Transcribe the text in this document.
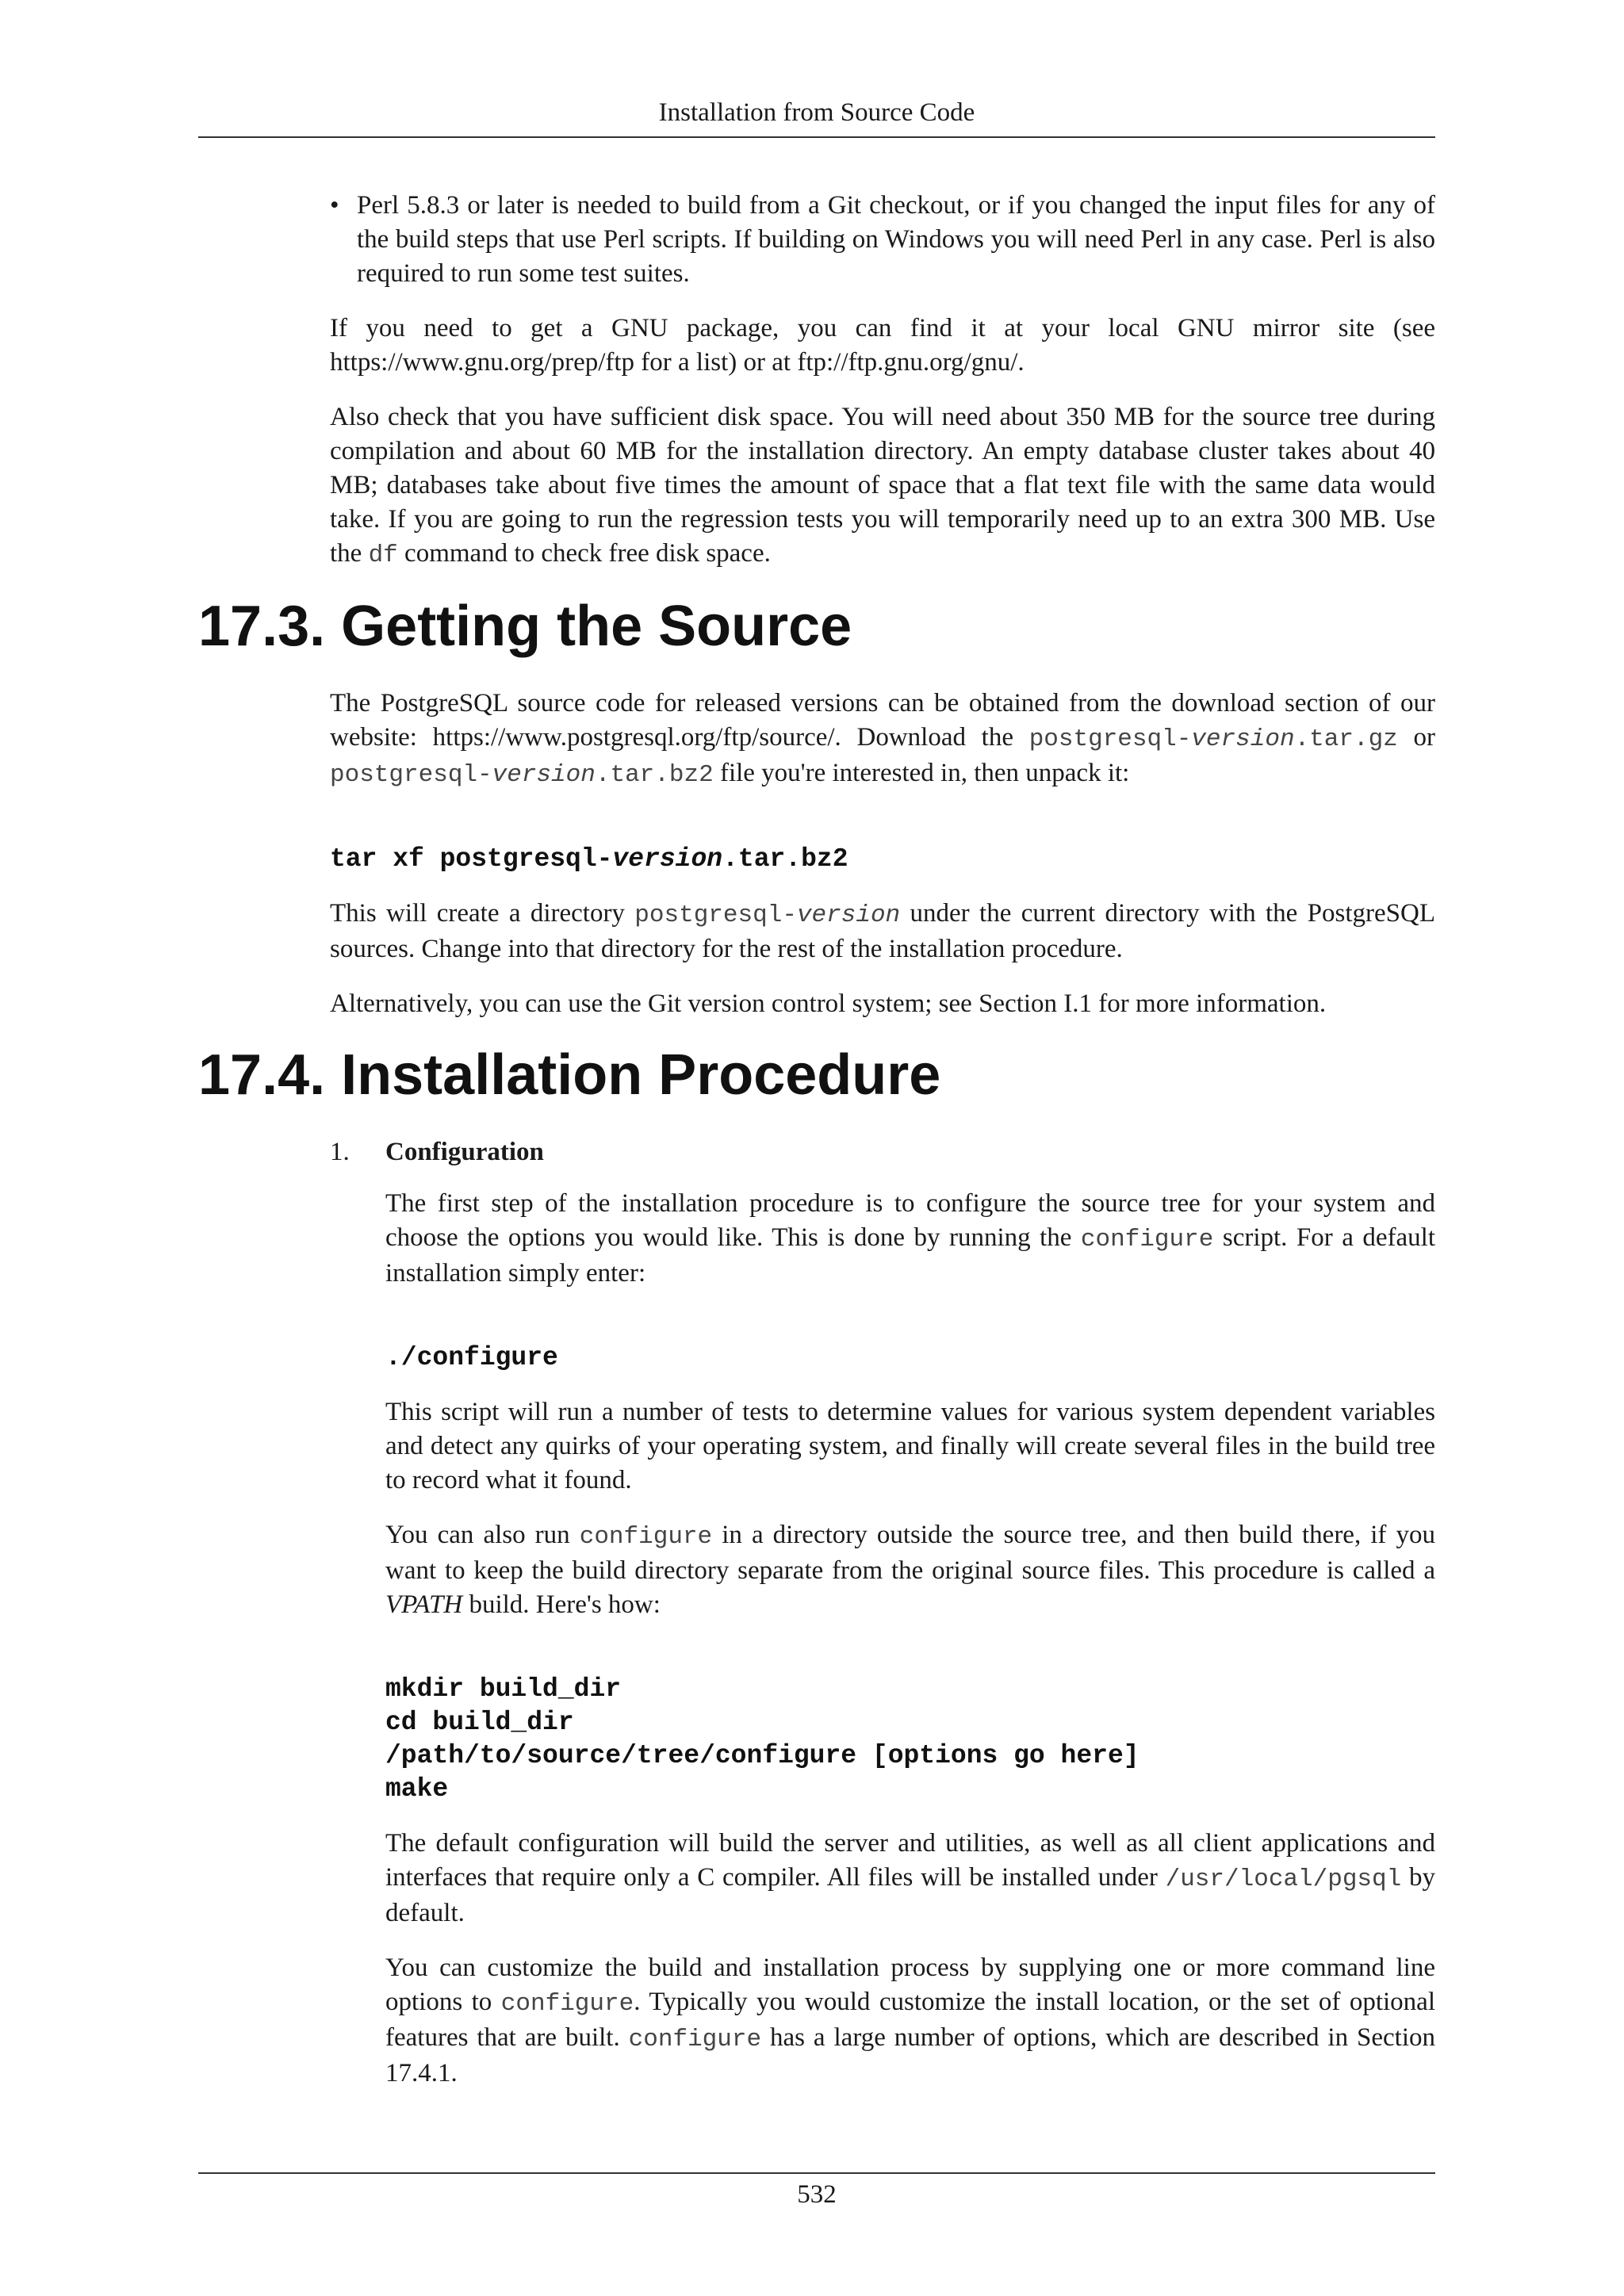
Installation from Source Code
• Perl 5.8.3 or later is needed to build from a Git checkout, or if you changed the input files for any of the build steps that use Perl scripts. If building on Windows you will need Perl in any case. Perl is also required to run some test suites.

If you need to get a GNU package, you can find it at your local GNU mirror site (see https://www.gnu.org/prep/ftp for a list) or at ftp://ftp.gnu.org/gnu/.

Also check that you have sufficient disk space. You will need about 350 MB for the source tree during compilation and about 60 MB for the installation directory. An empty database cluster takes about 40 MB; databases take about five times the amount of space that a flat text file with the same data would take. If you are going to run the regression tests you will temporarily need up to an extra 300 MB. Use the df command to check free disk space.

17.3. Getting the Source

The PostgreSQL source code for released versions can be obtained from the download section of our website: https://www.postgresql.org/ftp/source/. Download the postgresql-version.tar.gz or postgresql-version.tar.bz2 file you're interested in, then unpack it:

tar xf postgresql-version.tar.bz2

This will create a directory postgresql-version under the current directory with the PostgreSQL sources. Change into that directory for the rest of the installation procedure.

Alternatively, you can use the Git version control system; see Section I.1 for more information.

17.4. Installation Procedure
1.	Configuration

The first step of the installation procedure is to configure the source tree for your system and choose the options you would like. This is done by running the configure script. For a default installation simply enter:

./configure

This script will run a number of tests to determine values for various system dependent variables and detect any quirks of your operating system, and finally will create several files in the build tree to record what it found.

You can also run configure in a directory outside the source tree, and then build there, if you want to keep the build directory separate from the original source files. This procedure is called a VPATH build. Here's how:

mkdir build_dir
cd build_dir
/path/to/source/tree/configure [options go here]
make

The default configuration will build the server and utilities, as well as all client applications and interfaces that require only a C compiler. All files will be installed under /usr/local/pgsql by default.

You can customize the build and installation process by supplying one or more command line options to configure. Typically you would customize the install location, or the set of optional features that are built. configure has a large number of options, which are described in Section 17.4.1.

532
